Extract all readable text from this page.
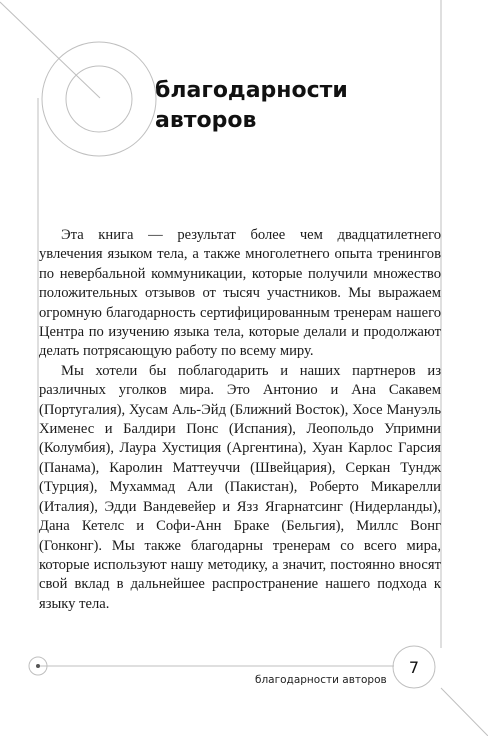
благодарности
авторов

Эта книга — результат более чем двадцатилетнего увлечения языком тела, а также многолетнего опыта тренингов по невербальной коммуникации, которые получили множество положительных отзывов от тысяч участников. Мы выражаем огромную благодарность сертифицированным тренерам нашего Центра по изучению языка тела, которые делали и продолжают делать потрясающую работу по всему миру.

Мы хотели бы поблагодарить и наших партнеров из различных уголков мира. Это Антонио и Ана Сакавем (Португалия), Хусам Аль-Эйд (Ближний Восток), Хосе Мануэль Хименес и Балдири Понс (Испания), Леопольдо Упримни (Колумбия), Лаура Хустиция (Аргентина), Хуан Карлос Гарсия (Панама), Каролин Маттеуччи (Швейцария), Серкан Тундж (Турция), Мухаммад Али (Пакистан), Роберто Микарелли (Италия), Эдди Вандевейер и Язз Ягарнатсинг (Нидерланды), Дана Кетелс и Софи-Анн Бракe (Бельгия), Миллс Вонг (Гонконг). Мы также благодарны тренерам со всего мира, которые используют нашу методику, а значит, постоянно вносят свой вклад в дальнейшее распространение нашего подхода к языку тела.

благодарности авторов
7
